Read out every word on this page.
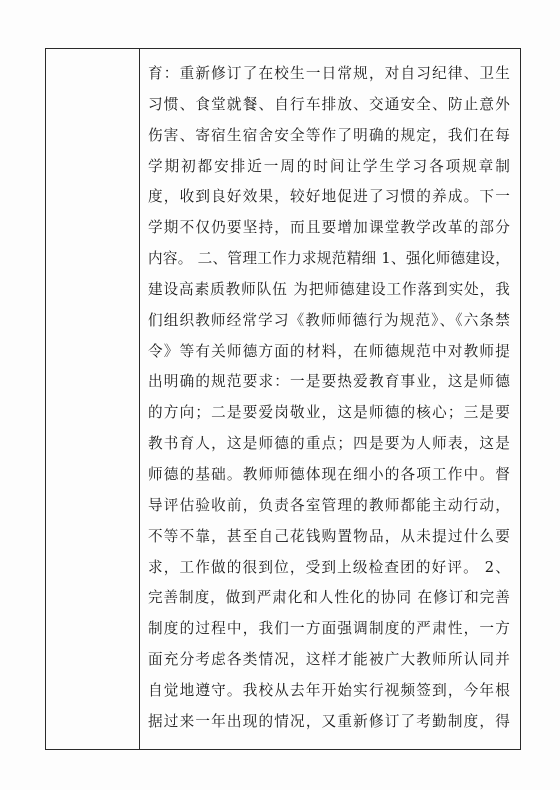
育：重新修订了在校生一日常规，对自习纪律、卫生
习惯、食堂就餐、自行车排放、交通安全、防止意外
伤害、寄宿生宿舍安全等作了明确的规定，我们在每
学期初都安排近一周的时间让学生学习各项规章制
度，收到良好效果，较好地促进了习惯的养成。下一
学期不仅仍要坚持，而且要增加课堂教学改革的部分
内容。 二、管理工作力求规范精细 1、强化师德建设，
建设高素质教师队伍 为把师德建设工作落到实处，我
们组织教师经常学习《教师师德行为规范》、《六条禁
令》等有关师德方面的材料，在师德规范中对教师提
出明确的规范要求：一是要热爱教育事业，这是师德
的方向；二是要爱岗敬业，这是师德的核心；三是要
教书育人，这是师德的重点；四是要为人师表，这是
师德的基础。教师师德体现在细小的各项工作中。督
导评估验收前，负责各室管理的教师都能主动行动，
不等不靠，甚至自己花钱购置物品，从未提过什么要
求，工作做的很到位，受到上级检查团的好评。 2、
完善制度，做到严肃化和人性化的协同 在修订和完善
制度的过程中，我们一方面强调制度的严肃性，一方
面充分考虑各类情况，这样才能被广大教师所认同并
自觉地遵守。我校从去年开始实行视频签到，今年根
据过来一年出现的情况，又重新修订了考勤制度，得
